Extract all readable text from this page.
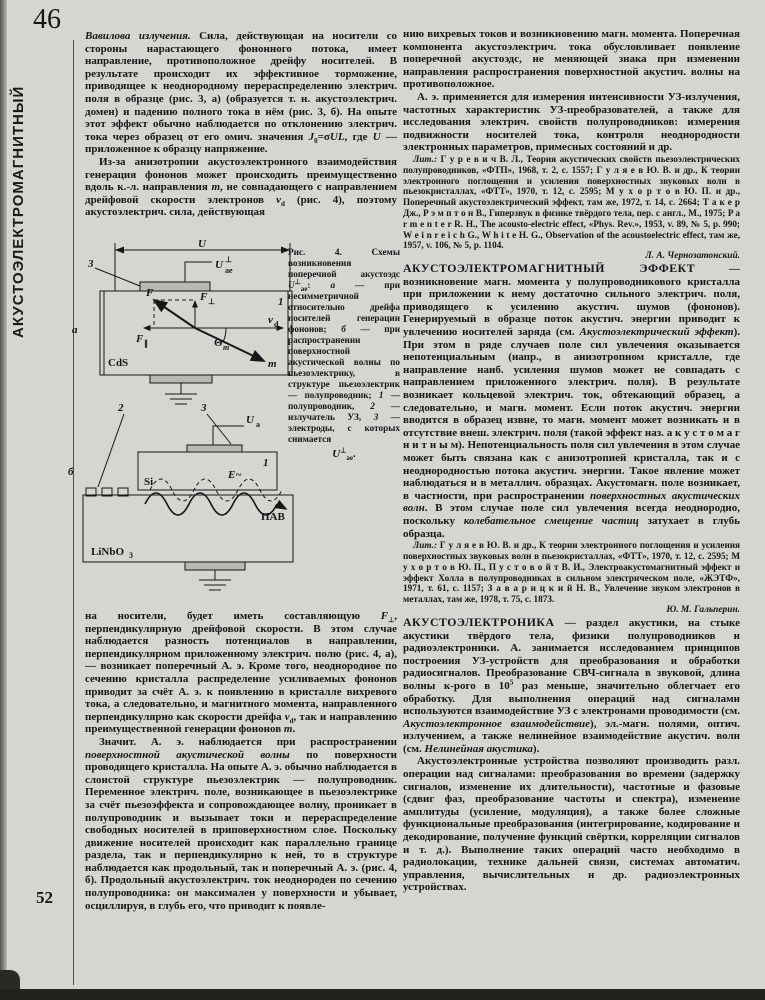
46
АКУСТОЭЛЕКТРОМАГНИТНЫЙ
52

Вавилова излучения. Сила, действующая на носители со стороны нарастающего фононного потока, имеет направление, противоположное дрейфу носителей. В результате происходит их эффективное торможение, приводящее к неоднородному перераспределению электрич. поля в образце (рис. 3, а) (образуется т. н. акустоэлектрич. домен) и падению полного тока в нём (рис. 3, б). На опыте этот эффект обычно наблюдается по отклонению электрич. тока через образец от его омич. значения $J_0=\sigma UL$, где U — приложенное к образцу напряжение.

Из-за анизотропии акустоэлектронного взаимодействия генерация фононов может происходить преимущественно вдоль к.-л. направления m, не совпадающего с направлением дрейфовой скорости электронов $v_d$ (рис. 4), поэтому акустоэлектрич. сила, действующая

U
U ⊥
ае
3
1
а
F
F ∥
F ⊥
v d
m
Θ m
CdS
б
2	3
1
U а
Si
E~
ПАВ
LiNbO 3

Рис. 4. Схемы возникновения поперечной акустоэдс $U^\perp_{ае}$: а — при несимметричной относительно дрейфа носителей генерации фононов; б — при распространении поверхностной акустической волны по пьезоэлектрику, в структуре пьезоэлектрик — полупроводник; 1 — полупроводник, 2 — излучатель УЗ, 3 — электроды, с которых снимается

$U^\perp_{ае}$.

на носители, будет иметь составляющую $F_\perp$, перпендикулярную дрейфовой скорости. В этом случае наблюдается разность потенциалов в направлении, перпендикулярном приложенному электрич. полю (рис. 4, а),— возникает поперечный А. э. Кроме того, неоднородное по сечению кристалла распределение усиливаемых фононов приводит за счёт А. э. к появлению в кристалле вихревого тока, а следовательно, и магнитного момента, направленного перпендикулярно как скорости дрейфа $v_d$, так и направлению преимущественной генерации фононов m.

Значит. А. э. наблюдается при распространении поверхностной акустической волны по поверхности проводящего кристалла. На опыте А. э. обычно наблюдается в слоистой структуре пьезоэлектрик — полупроводник. Переменное электрич. поле, возникающее в пьезоэлектрике за счёт пьезоэффекта и сопровождающее волну, проникает в полупроводник и вызывает токи и перераспределение свободных носителей в приповерхностном слое. Поскольку движение носителей происходит как параллельно границе раздела, так и перпендикулярно к ней, то в структуре наблюдается как продольный, так и поперечный А. э. (рис. 4, б). Продольный акустоэлектрич. ток неоднороден по сечению полупроводника: он максимален у поверхности и убывает, осциллируя, в глубь его, что приводит к появле-

нию вихревых токов и возникновению магн. момента. Поперечная компонента акустоэлектрич. тока обусловливает появление поперечной акустоэдс, не меняющей знака при изменении направления распространения поверхностной акустич. волны на противоположное.

А. э. применяется для измерения интенсивности УЗ-излучения, частотных характеристик УЗ-преобразователей, а также для исследования электрич. свойств полупроводников: измерения подвижности носителей тока, контроля неоднородности электронных параметров, примесных состояний и др.

Лит.: Г у р е в и ч В. Л., Теория акустических свойств пьезоэлектрических полупроводников, «ФТП», 1968, т. 2, с. 1557; Г у л я е в Ю. В. и др., К теории электронного поглощения и усиления поверхностных звуковых волн в пьезокристаллах, «ФТТ», 1970, т. 12, с. 2595; М у х о р т о в Ю. П. и др., Поперечный акустоэлектрический эффект, там же, 1972, т. 14, с. 2664; Т а к е р Дж., Р э м п т о н В., Гиперзвук в физике твёрдого тела, пер. с англ., М., 1975; P a r m e n t e r R. H., The acousto-electric effect, «Phys. Rev.», 1953, v. 89, № 5, p. 990; W e i n r e i c h G., W h i t e H. G., Observation of the acoustoelectric effect, там же, 1957, v. 106, № 5, p. 1104.

Л. А. Чернозатонский.

АКУСТОЭЛЕКТРОМАГНИТНЫЙ ЭФФЕКТ — возникновение магн. момента у полупроводникового кристалла при приложении к нему достаточно сильного электрич. поля, приводящего к усилению акустич. шумов (фононов). Генерируемый в образце поток акустич. энергии приводит к увлечению носителей заряда (см. Акустоэлектрический эффект). При этом в ряде случаев поле сил увлечения оказывается непотенциальным (напр., в анизотропном кристалле, где направление наиб. усиления шумов может не совпадать с направлением приложенного электрич. поля). В результате возникает кольцевой электрич. ток, обтекающий образец, а следовательно, и магн. момент. Если поток акустич. энергии вводится в образец извне, то магн. момент может возникать и в отсутствие внеш. электрич. поля (такой эффект наз. а к у с т о м а г н и т н ы м). Непотенциальность поля сил увлечения в этом случае может быть связана как с анизотропией кристалла, так и с неоднородностью потока акустич. энергии. Такое явление может наблюдаться и в металлич. образцах. Акустомагн. поле возникает, в частности, при распространении поверхностных акустических волн. В этом случае поле сил увлечения всегда неоднородно, поскольку колебательное смещение частиц затухает в глубь образца.

Лит.: Г у л я е в Ю. В. и др., К теории электронного поглощения и усиления поверхностных звуковых волн в пьезокристаллах, «ФТТ», 1970, т. 12, с. 2595; М у х о р т о в Ю. П., П у с т о в о й т В. И., Электроакустомагнитный эффект и эффект Холла в полупроводниках в сильном электрическом поле, «ЖЭТФ», 1971, т. 61, с. 1157; З а в а р и ц к и й Н. В., Увлечение звуком электронов в металлах, там же, 1978, т. 75, с. 1873.

Ю. М. Гальперин.

АКУСТОЭЛЕКТРОНИКА — раздел акустики, на стыке акустики твёрдого тела, физики полупроводников и радиоэлектроники. А. занимается исследованием принципов построения УЗ-устройств для преобразования и обработки радиосигналов. Преобразование СВЧ-сигнала в звуковой, длина волны к-рого в $10^5$ раз меньше, значительно облегчает его обработку. Для выполнения операций над сигналами используются взаимодействие УЗ с электронами проводимости (см. Акустоэлектронное взаимодействие), эл.-магн. полями, оптич. излучением, а также нелинейное взаимодействие акустич. волн (см. Нелинейная акустика).

Акустоэлектронные устройства позволяют производить разл. операции над сигналами: преобразования во времени (задержку сигналов, изменение их длительности), частотные и фазовые (сдвиг фаз, преобразование частоты и спектра), изменение амплитуды (усиление, модуляция), а также более сложные функциональные преобразования (интегрирование, кодирование и декодирование, получение функций свёртки, корреляции сигналов и т. д.). Выполнение таких операций часто необходимо в радиолокации, технике дальней связи, системах автоматич. управления, вычислительных и др. радиоэлектронных устройствах.
